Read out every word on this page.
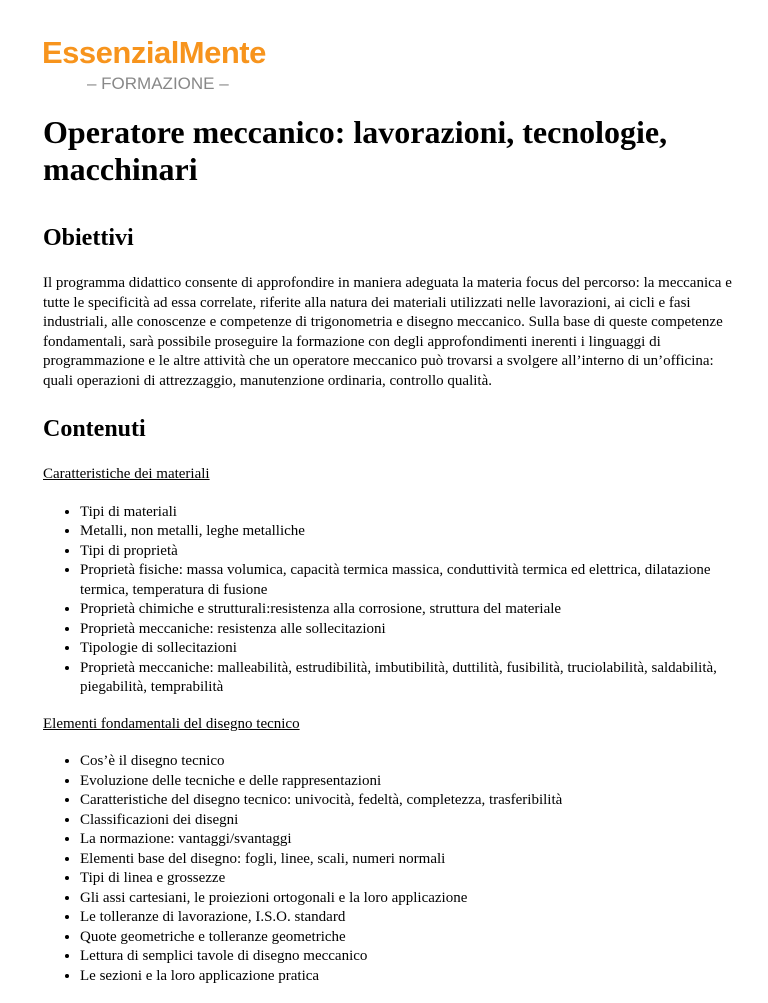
EssenzialMente
– FORMAZIONE –
Operatore meccanico: lavorazioni, tecnologie, macchinari
Obiettivi

Il programma didattico consente di approfondire in maniera adeguata la materia focus del percorso: la meccanica e tutte le specificità ad essa correlate, riferite alla natura dei materiali utilizzati nelle lavorazioni, ai cicli e fasi industriali, alle conoscenze e competenze di trigonometria e disegno meccanico. Sulla base di queste competenze fondamentali, sarà possibile proseguire la formazione con degli approfondimenti inerenti i linguaggi di programmazione e le altre attività che un operatore meccanico può trovarsi a svolgere all’interno di un’officina: quali operazioni di attrezzaggio, manutenzione ordinaria, controllo qualità.

Contenuti
Caratteristiche dei materiali
• Tipi di materiali
• Metalli, non metalli, leghe metalliche
• Tipi di proprietà
• Proprietà fisiche: massa volumica, capacità termica massica, conduttività termica ed elettrica, dilatazione termica, temperatura di fusione
• Proprietà chimiche e strutturali:resistenza alla corrosione, struttura del materiale
• Proprietà meccaniche: resistenza alle sollecitazioni
• Tipologie di sollecitazioni
• Proprietà meccaniche: malleabilità, estrudibilità, imbutibilità, duttilità, fusibilità, truciolabilità, saldabilità, piegabilità, temprabilità
Elementi fondamentali del disegno tecnico
• Cos’è il disegno tecnico
• Evoluzione delle tecniche e delle rappresentazioni
• Caratteristiche del disegno tecnico: univocità, fedeltà, completezza, trasferibilità
• Classificazioni dei disegni
• La normazione: vantaggi/svantaggi
• Elementi base del disegno: fogli, linee, scali, numeri normali
• Tipi di linea e grossezze
• Gli assi cartesiani, le proiezioni ortogonali e la loro applicazione
• Le tolleranze di lavorazione, I.S.O. standard
• Quote geometriche e tolleranze geometriche
• Lettura di semplici tavole di disegno meccanico
• Le sezioni e la loro applicazione pratica
